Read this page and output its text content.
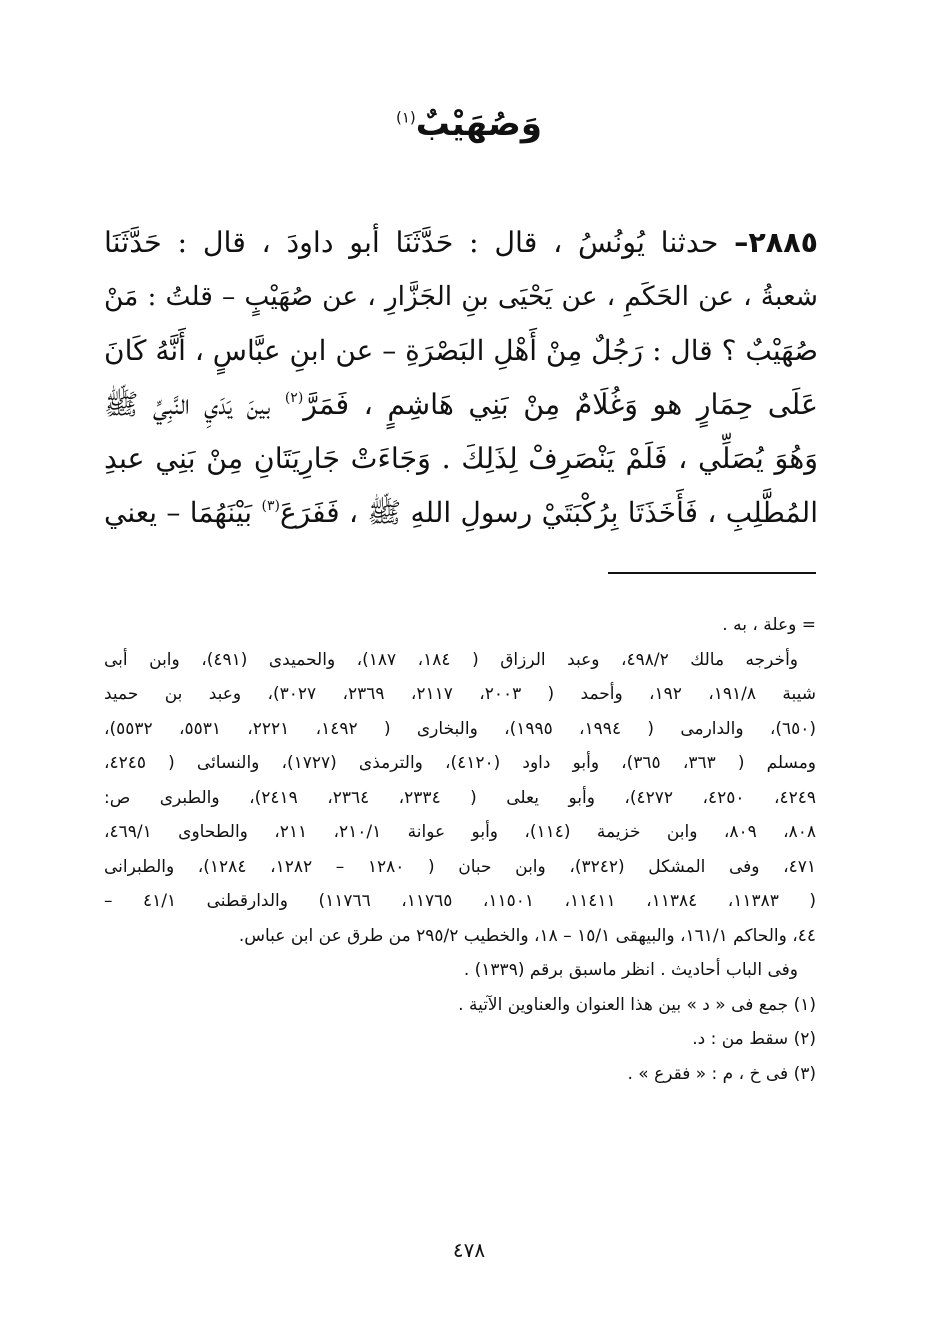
وَصُهَيْبٌ$^{(١)}$
٢٨٨٥– حدثنا يُونُسُ ، قال : حَدَّثَنَا أبو داودَ ، قال : حَدَّثَنَا
شعبةُ ، عن الحَكَمِ ، عن يَحْيَى بنِ الجَزَّارِ ، عن صُهَيْبٍ – قلتُ : مَنْ
صُهَيْبٌ ؟ قال : رَجُلٌ مِنْ أَهْلِ البَصْرَةِ – عن ابنِ عبَّاسٍ ، أَنَّهُ كَانَ
عَلَى حِمَارٍ هو وَغُلَامٌ مِنْ بَنِي هَاشِمٍ ، فَمَرَّ$^{(٢)}$ بينَ يَدَيِ النَّبِيِّ ﷺ
وَهُوَ يُصَلِّي ، فَلَمْ يَنْصَرِفْ لِذَلِكَ . وَجَاءَتْ جَارِيَتَانِ مِنْ بَنِي عبدِ
المُطَّلِبِ ، فَأَخَذَتَا بِرُكْبَتَيْ رسولِ اللهِ ﷺ ، فَفَرَعَ$^{(٣)}$ بَيْنَهُمَا – يعني
= وعلة ، به .
وأخرجه مالك ٤٩٨/٢، وعبد الرزاق ( ١٨٤، ١٨٧)، والحميدى (٤٩١)، وابن أبى
شيبة ١٩١/٨، ١٩٢، وأحمد ( ٢٠٠٣، ٢١١٧، ٢٣٦٩، ٣٠٢٧)، وعبد بن حميد
(٦٥٠)، والدارمى ( ١٩٩٤، ١٩٩٥)، والبخارى ( ١٤٩٢، ٢٢٢١، ٥٥٣١، ٥٥٣٢)،
ومسلم ( ٣٦٣، ٣٦٥)، وأبو داود (٤١٢٠)، والترمذى (١٧٢٧)، والنسائى ( ٤٢٤٥،
٤٢٤٩، ٤٢٥٠، ٤٢٧٢)، وأبو يعلى ( ٢٣٣٤، ٢٣٦٤، ٢٤١٩)، والطبرى ص:
٨٠٨، ٨٠٩، وابن خزيمة (١١٤)، وأبو عوانة ٢١٠/١، ٢١١، والطحاوى ٤٦٩/١،
٤٧١، وفى المشكل (٣٢٤٢)، وابن حبان ( ١٢٨٠ – ١٢٨٢، ١٢٨٤)، والطبرانى
( ١١٣٨٣، ١١٣٨٤، ١١٤١١، ١١٥٠١، ١١٧٦٥، ١١٧٦٦) والدارقطنى ٤١/١ –
٤٤، والحاكم ١٦١/١، والبيهقى ١٥/١ – ١٨، والخطيب ٢٩٥/٢ من طرق عن ابن عباس.
وفى الباب أحاديث . انظر ماسبق برقم (١٣٣٩) .
(١) جمع فى « د » بين هذا العنوان والعناوين الآتية .
(٢) سقط من : د.
(٣) فى خ ، م : « فقرع » .
٤٧٨
